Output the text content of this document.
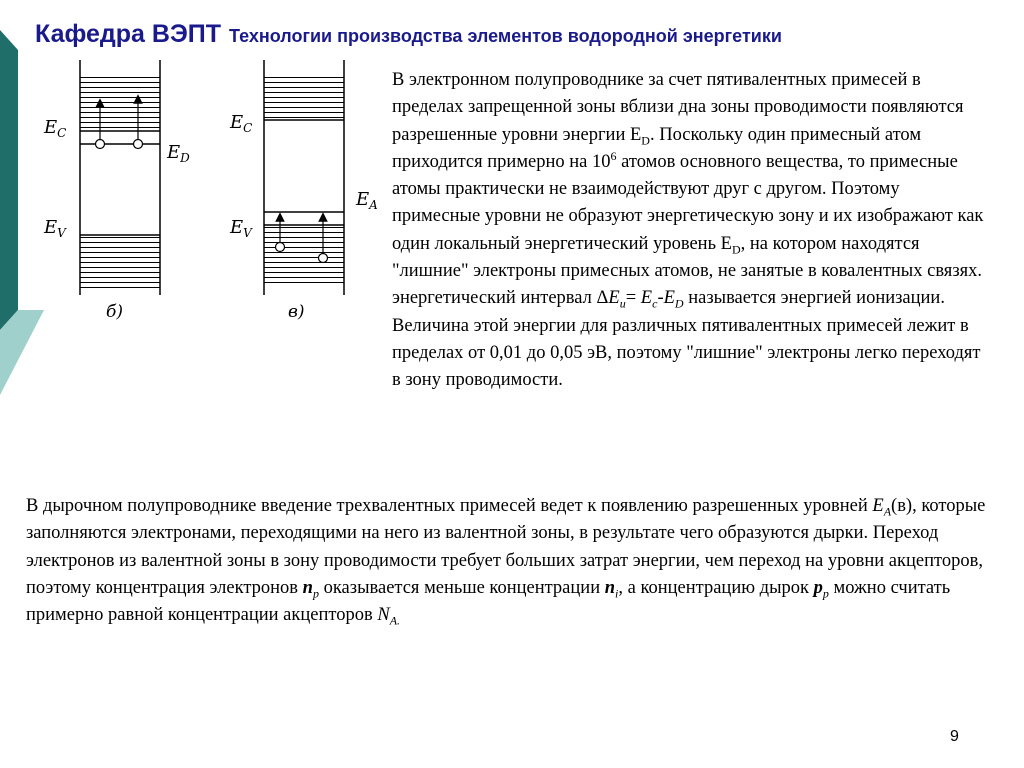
Кафедра ВЭПТ Технологии производства элементов водородной энергетики
$E_C$
$E_D$
$E_V$
б)
$E_C$
$E_A$
$E_V$
в)
В электронном полупроводнике за счет пятивалентных примесей в пределах запрещенной зоны вблизи дна зоны проводимости появляются разрешенные уровни энергии $Е_D$. Поскольку один примесный атом приходится примерно на $10^6$ атомов основного вещества, то примесные атомы практически не взаимодействуют друг с другом. Поэтому примесные уровни не образуют энергетическую зону и их изображают как один локальный энергетический уровень $Е_D$, на котором находятся "лишние" электроны примесных атомов, не занятые в ковалентных связях. энергетический интервал $\Delta E_u= E_c-E_D$ называется энергией ионизации. Величина этой энергии для различных пятивалентных примесей лежит в пределах от 0,01 до 0,05 эВ, поэтому "лишние" электроны легко переходят в зону проводимости.
В дырочном полупроводнике введение трехвалентных примесей ведет к появлению разрешенных уровней $E_A(в)$, которые заполняются электронами, переходящими на него из валентной зоны, в результате чего образуются дырки. Переход электронов из валентной зоны в зону проводимости требует больших затрат энергии, чем переход на уровни акцепторов, поэтому концентрация электронов $n_p$ оказывается меньше концентрации $n_i$, а концентрацию дырок $p_p$ можно считать примерно равной концентрации акцепторов $N_{A.}$
9
